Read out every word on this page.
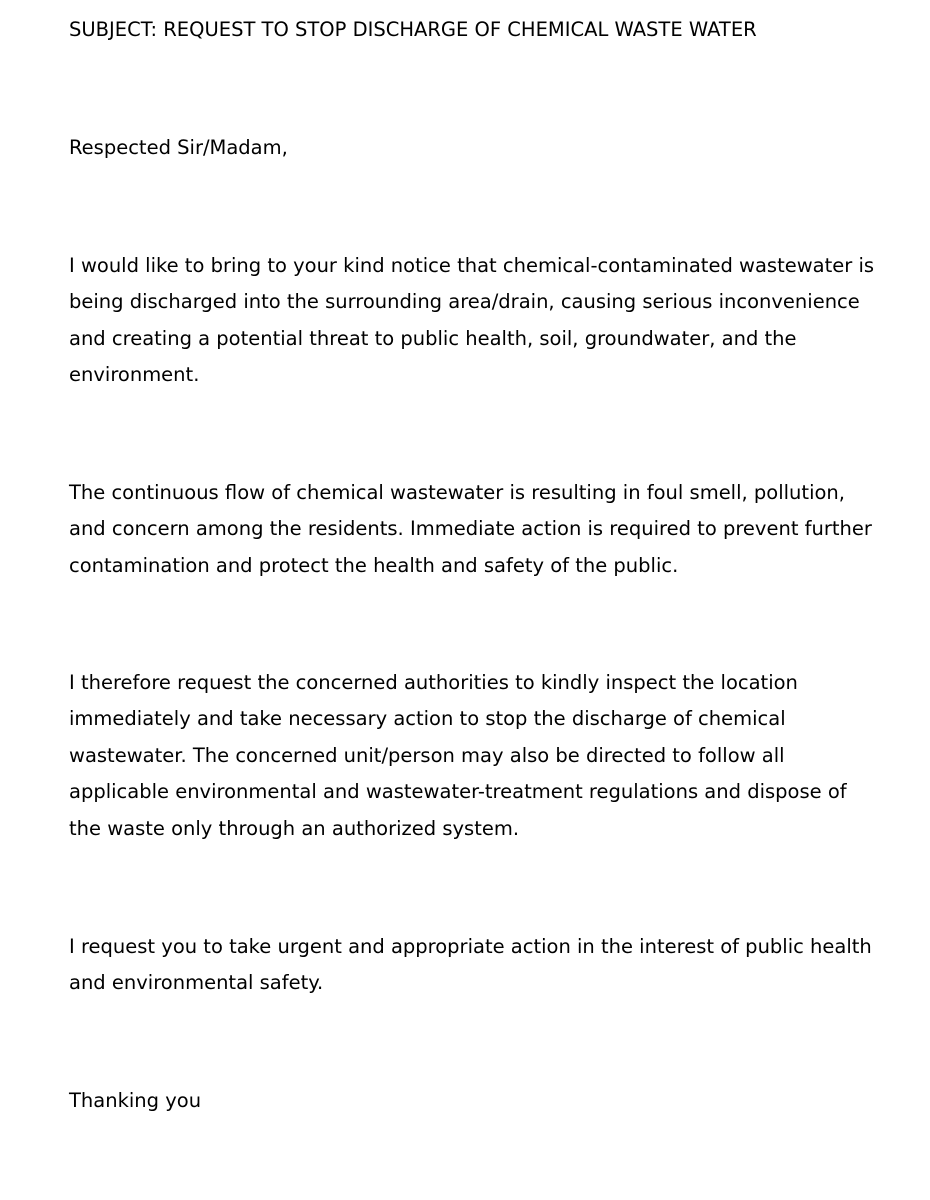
SUBJECT: REQUEST TO STOP DISCHARGE OF CHEMICAL WASTE WATER

Respected Sir/Madam,

I would like to bring to your kind notice that chemical-contaminated wastewater is

being discharged into the surrounding area/drain, causing serious inconvenience

and creating a potential threat to public health, soil, groundwater, and the

environment.

The continuous flow of chemical wastewater is resulting in foul smell, pollution,

and concern among the residents. Immediate action is required to prevent further

contamination and protect the health and safety of the public.

I therefore request the concerned authorities to kindly inspect the location

immediately and take necessary action to stop the discharge of chemical

wastewater. The concerned unit/person may also be directed to follow all

applicable environmental and wastewater-treatment regulations and dispose of

the waste only through an authorized system.

I request you to take urgent and appropriate action in the interest of public health

and environmental safety.

Thanking you
